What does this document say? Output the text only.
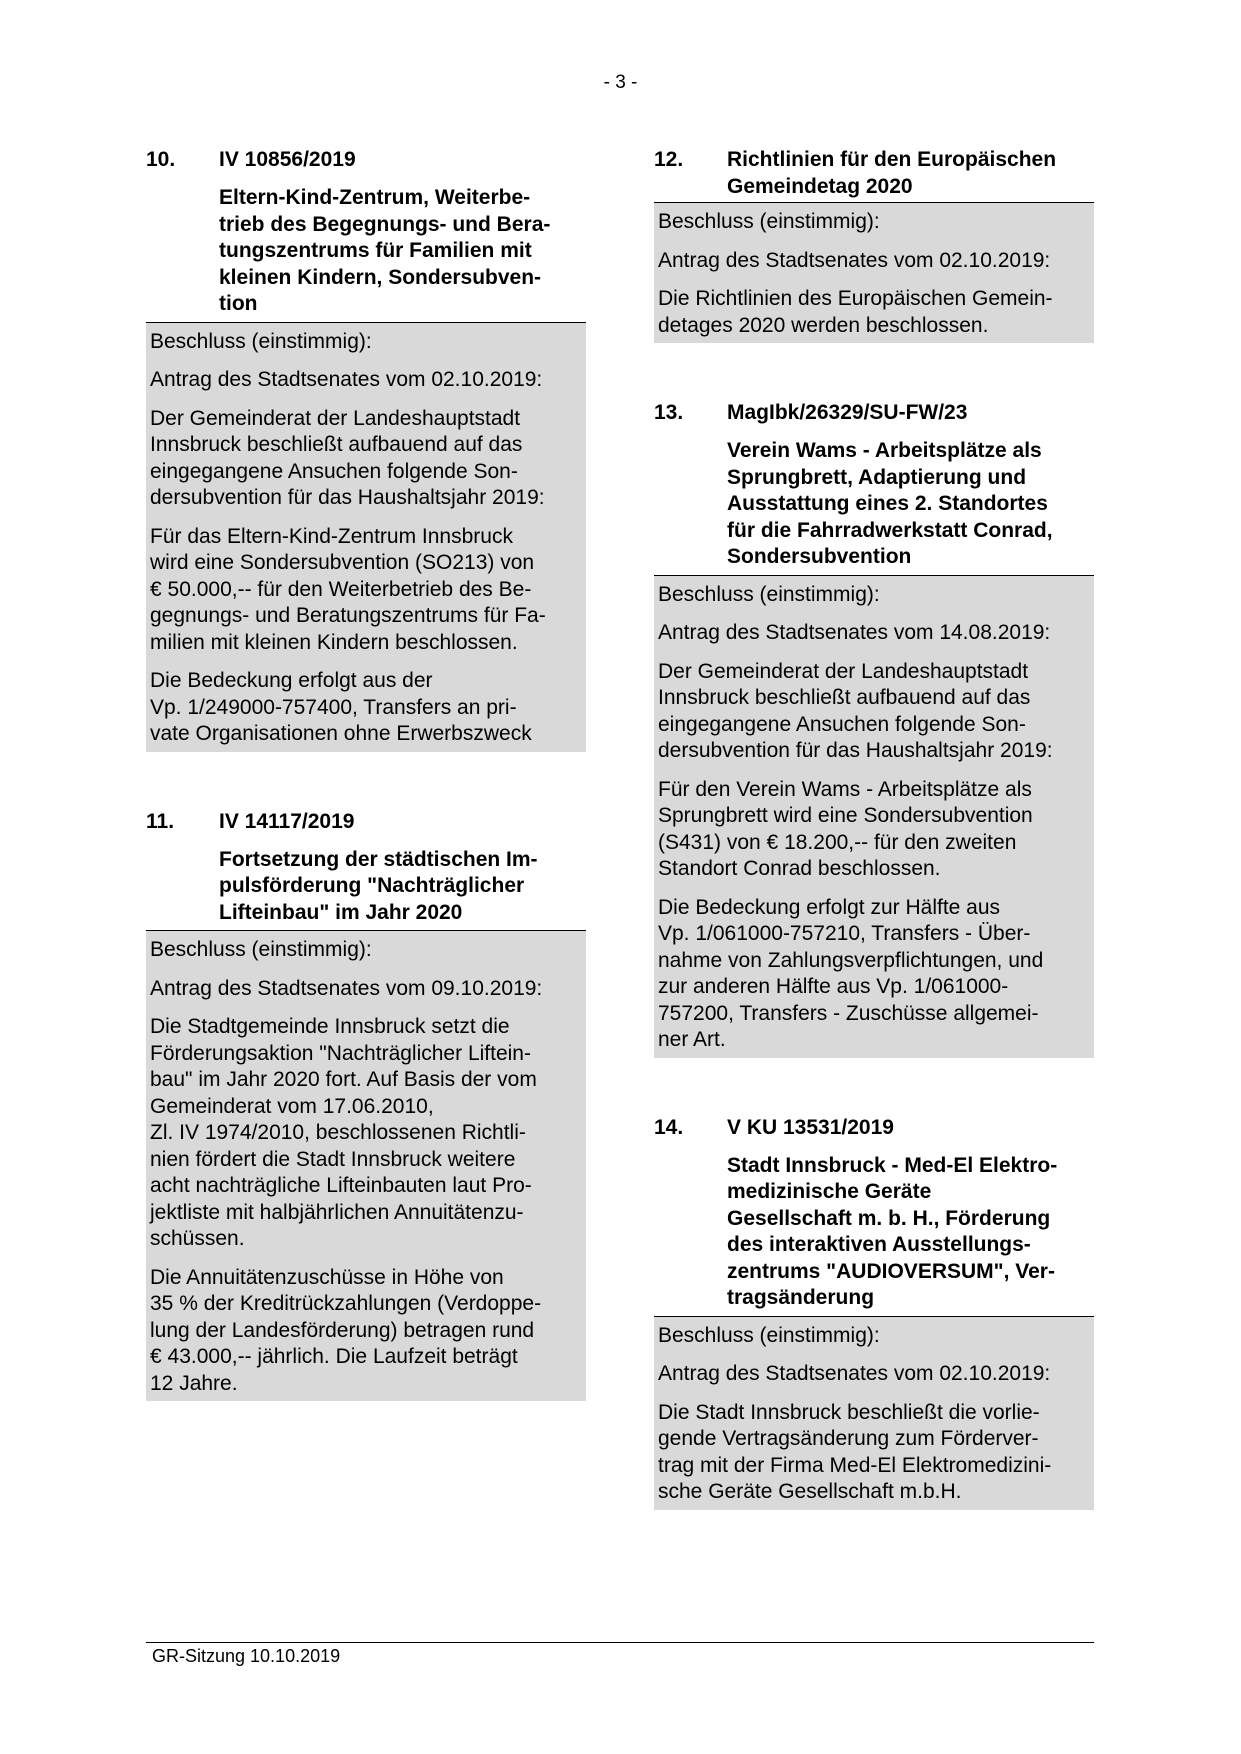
- 3 -
10.	IV 10856/2019
Eltern-Kind-Zentrum, Weiterbe-
trieb des Begegnungs- und Bera-
tungszentrums für Familien mit
kleinen Kindern, Sondersubven-
tion

Beschluss (einstimmig):

Antrag des Stadtsenates vom 02.10.2019:

Der Gemeinderat der Landeshauptstadt
Innsbruck beschließt aufbauend auf das
eingegangene Ansuchen folgende Son-
dersubvention für das Haushaltsjahr 2019:

Für das Eltern-Kind-Zentrum Innsbruck
wird eine Sondersubvention (SO213) von
€ 50.000,-- für den Weiterbetrieb des Be-
gegnungs- und Beratungszentrums für Fa-
milien mit kleinen Kindern beschlossen.

Die Bedeckung erfolgt aus der
Vp. 1/249000-757400, Transfers an pri-
vate Organisationen ohne Erwerbszweck

11.	IV 14117/2019
Fortsetzung der städtischen Im-
pulsförderung "Nachträglicher
Lifteinbau" im Jahr 2020

Beschluss (einstimmig):

Antrag des Stadtsenates vom 09.10.2019:

Die Stadtgemeinde Innsbruck setzt die
Förderungsaktion "Nachträglicher Liftein-
bau" im Jahr 2020 fort. Auf Basis der vom
Gemeinderat vom 17.06.2010,
Zl. IV 1974/2010, beschlossenen Richtli-
nien fördert die Stadt Innsbruck weitere
acht nachträgliche Lifteinbauten laut Pro-
jektliste mit halbjährlichen Annuitätenzu-
schüssen.

Die Annuitätenzuschüsse in Höhe von
35 % der Kreditrückzahlungen (Verdoppe-
lung der Landesförderung) betragen rund
€ 43.000,-- jährlich. Die Laufzeit beträgt
12 Jahre.

12.	Richtlinien für den Europäischen
Gemeindetag 2020

Beschluss (einstimmig):

Antrag des Stadtsenates vom 02.10.2019:

Die Richtlinien des Europäischen Gemein-
detages 2020 werden beschlossen.

13.	MagIbk/26329/SU-FW/23
Verein Wams - Arbeitsplätze als
Sprungbrett, Adaptierung und
Ausstattung eines 2. Standortes
für die Fahrradwerkstatt Conrad,
Sondersubvention

Beschluss (einstimmig):

Antrag des Stadtsenates vom 14.08.2019:

Der Gemeinderat der Landeshauptstadt
Innsbruck beschließt aufbauend auf das
eingegangene Ansuchen folgende Son-
dersubvention für das Haushaltsjahr 2019:

Für den Verein Wams - Arbeitsplätze als
Sprungbrett wird eine Sondersubvention
(S431) von € 18.200,-- für den zweiten
Standort Conrad beschlossen.

Die Bedeckung erfolgt zur Hälfte aus
Vp. 1/061000-757210, Transfers - Über-
nahme von Zahlungsverpflichtungen, und
zur anderen Hälfte aus Vp. 1/061000-
757200, Transfers - Zuschüsse allgemei-
ner Art.

14.	V KU 13531/2019
Stadt Innsbruck - Med-El Elektro-
medizinische Geräte
Gesellschaft m. b. H., Förderung
des interaktiven Ausstellungs-
zentrums "AUDIOVERSUM", Ver-
tragsänderung

Beschluss (einstimmig):

Antrag des Stadtsenates vom 02.10.2019:

Die Stadt Innsbruck beschließt die vorlie-
gende Vertragsänderung zum Förderver-
trag mit der Firma Med-El Elektromedizini-
sche Geräte Gesellschaft m.b.H.

GR-Sitzung 10.10.2019
